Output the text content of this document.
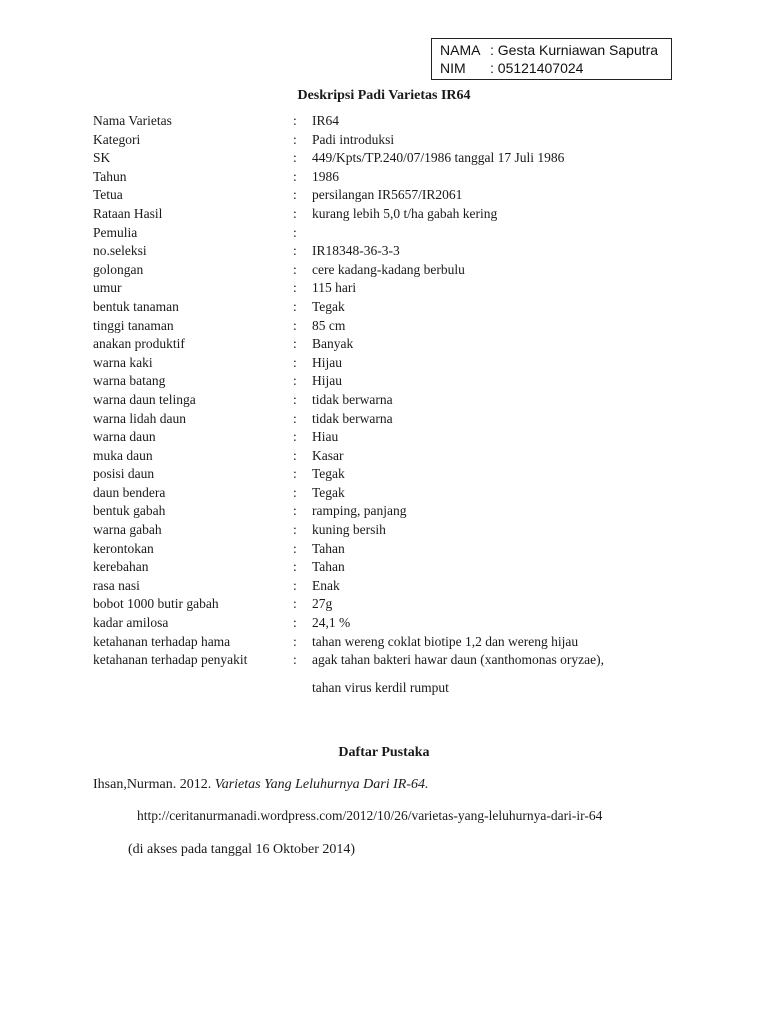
NAMA : Gesta Kurniawan Saputra
NIM	: 05121407024
Deskripsi Padi Varietas IR64
Nama Varietas	:	IR64
Kategori	:	Padi introduksi
SK	:	449/Kpts/TP.240/07/1986 tanggal 17 Juli 1986
Tahun	:	1986
Tetua	:	persilangan IR5657/IR2061
Rataan Hasil	:	kurang lebih 5,0 t/ha gabah kering
Pemulia	:
no.seleksi	:	IR18348-36-3-3
golongan	:	cere kadang-kadang berbulu
umur	:	115 hari
bentuk tanaman	:	Tegak
tinggi tanaman	:	85 cm
anakan produktif	:	Banyak
warna kaki	:	Hijau
warna batang	:	Hijau
warna daun telinga	:	tidak berwarna
warna lidah daun	:	tidak berwarna
warna daun	:	Hiau
muka daun	:	Kasar
posisi daun	:	Tegak
daun bendera	:	Tegak
bentuk gabah	:	ramping, panjang
warna gabah	:	kuning bersih
kerontokan	:	Tahan
kerebahan	:	Tahan
rasa nasi	:	Enak
bobot 1000 butir gabah	:	27g
kadar amilosa	:	24,1 %
ketahanan terhadap hama	:	tahan wereng coklat biotipe 1,2 dan wereng hijau
ketahanan terhadap penyakit	:	agak tahan bakteri hawar daun (xanthomonas oryzae),
tahan virus kerdil rumput
Daftar Pustaka
Ihsan,Nurman. 2012. Varietas Yang Leluhurnya Dari IR-64.
http://ceritanurmanadi.wordpress.com/2012/10/26/varietas-yang-leluhurnya-dari-ir-64
(di akses pada tanggal 16 Oktober 2014)
